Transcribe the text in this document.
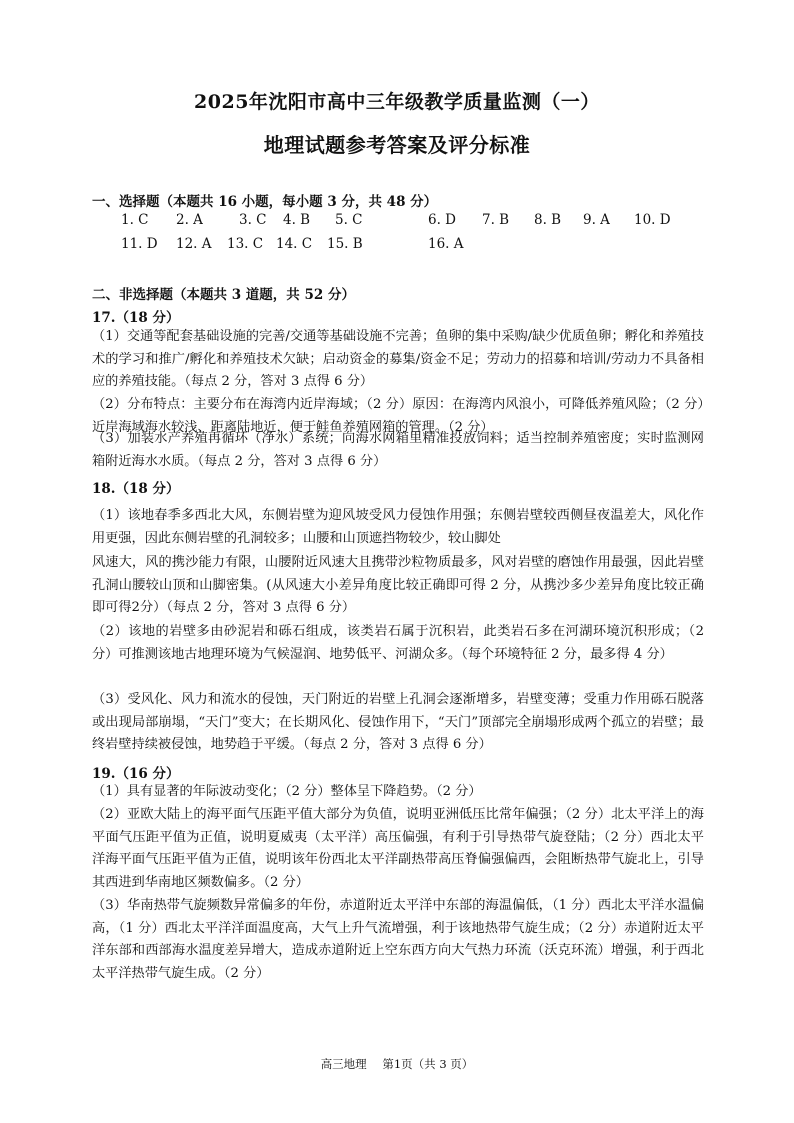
2025年沈阳市高中三年级教学质量监测（一）
地理试题参考答案及评分标准
一、选择题（本题共 16 小题，每小题 3 分，共 48 分）
1. C 2. A	3. C 4. B 5. C	6. D 7. B 8. B 9. A 10. D
11. D 12. A 13. C 14. C 15. B	16. A
二、非选择题（本题共 3 道题，共 52 分）
17.（18 分）

（1）交通等配套基础设施的完善/交通等基础设施不完善；鱼卵的集中采购/缺少优质鱼卵；孵化和养殖技术的学习和推广/孵化和养殖技术欠缺；启动资金的募集/资金不足；劳动力的招募和培训/劳动力不具备相应的养殖技能。（每点 2 分，答对 3 点得 6 分）

（2）分布特点：主要分布在海湾内近岸海域；（2 分）原因：在海湾内风浪小，可降低养殖风险；（2 分）近岸海域海水较浅、距离陆地近，便于鲑鱼养殖网箱的管理。（2 分）

（3）加装水产养殖再循环（净水）系统；向海水网箱里精准投放饲料；适当控制养殖密度；实时监测网箱附近海水水质。（每点 2 分，答对 3 点得 6 分）

18.（18 分）

（1）该地春季多西北大风，东侧岩壁为迎风坡受风力侵蚀作用强；东侧岩壁较西侧昼夜温差大，风化作用更强，因此东侧岩壁的孔洞较多；山腰和山顶遮挡物较少，较山脚处

风速大，风的携沙能力有限，山腰附近风速大且携带沙粒物质最多，风对岩壁的磨蚀作用最强，因此岩壁孔洞山腰较山顶和山脚密集。(从风速大小差异角度比较正确即可得 2 分，从携沙多少差异角度比较正确即可得2分）（每点 2 分，答对 3 点得 6 分）

（2）该地的岩壁多由砂泥岩和砾石组成，该类岩石属于沉积岩，此类岩石多在河湖环境沉积形成；（2 分）可推测该地古地理环境为气候湿润、地势低平、河湖众多。（每个环境特征 2 分，最多得 4 分）

（3）受风化、风力和流水的侵蚀，天门附近的岩壁上孔洞会逐渐增多，岩壁变薄；受重力作用砾石脱落或出现局部崩塌，“天门”变大；在长期风化、侵蚀作用下，“天门”顶部完全崩塌形成两个孤立的岩壁；最终岩壁持续被侵蚀，地势趋于平缓。（每点 2 分，答对 3 点得 6 分）

19.（16 分）

（1）具有显著的年际波动变化；（2 分）整体呈下降趋势。（2 分）

（2）亚欧大陆上的海平面气压距平值大部分为负值，说明亚洲低压比常年偏强；（2 分）北太平洋上的海平面气压距平值为正值，说明夏威夷（太平洋）高压偏强，有利于引导热带气旋登陆；（2 分）西北太平洋海平面气压距平值为正值，说明该年份西北太平洋副热带高压脊偏强偏西，会阻断热带气旋北上，引导其西进到华南地区频数偏多。（2 分）

（3）华南热带气旋频数异常偏多的年份，赤道附近太平洋中东部的海温偏低，（1 分）西北太平洋水温偏高，（1 分）西北太平洋洋面温度高，大气上升气流增强，利于该地热带气旋生成；（2 分）赤道附近太平洋东部和西部海水温度差异增大，造成赤道附近上空东西方向大气热力环流（沃克环流）增强，利于西北太平洋热带气旋生成。（2 分）

高三地理 第1页（共 3 页）
